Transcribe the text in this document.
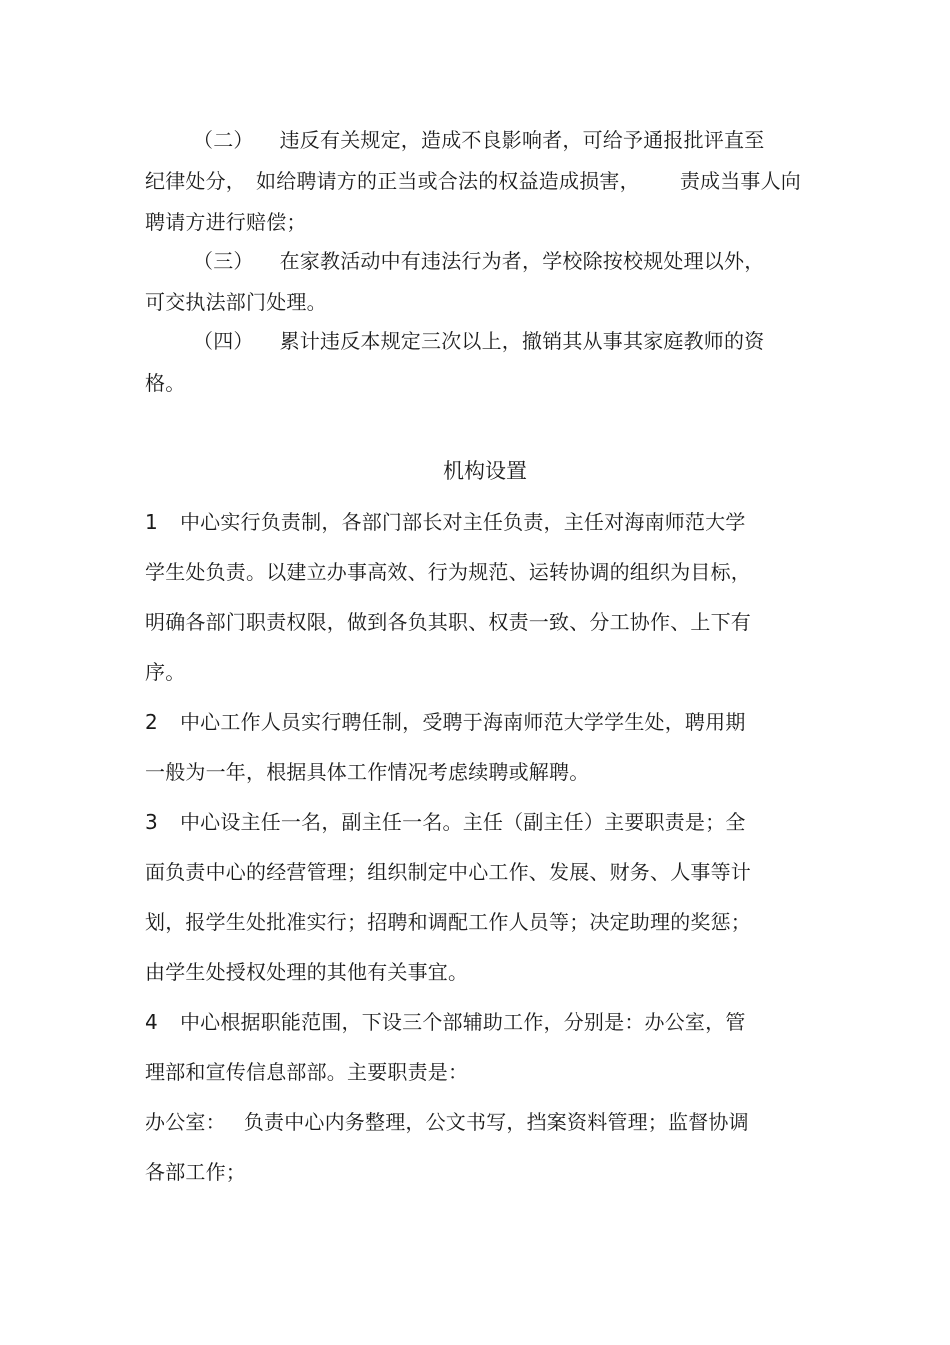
（二） 违反有关规定，造成不良影响者，可给予通报批评直至
纪律处分， 如给聘请方的正当或合法的权益造成损害， 责成当事人向
聘请方进行赔偿；
（三） 在家教活动中有违法行为者，学校除按校规处理以外，
可交执法部门处理。
（四） 累计违反本规定三次以上，撤销其从事其家庭教师的资
格。
机构设置
1 中心实行负责制，各部门部长对主任负责，主任对海南师范大学
学生处负责。以建立办事高效、行为规范、运转协调的组织为目标，
明确各部门职责权限，做到各负其职、权责一致、分工协作、上下有
序。
2 中心工作人员实行聘任制，受聘于海南师范大学学生处，聘用期
一般为一年，根据具体工作情况考虑续聘或解聘。
3 中心设主任一名，副主任一名。主任（副主任）主要职责是；全
面负责中心的经营管理；组织制定中心工作、发展、财务、人事等计
划，报学生处批准实行；招聘和调配工作人员等；决定助理的奖惩；
由学生处授权处理的其他有关事宜。
4 中心根据职能范围，下设三个部辅助工作，分别是：办公室，管
理部和宣传信息部部。主要职责是：
办公室： 负责中心内务整理，公文书写，挡案资料管理；监督协调
各部工作；
